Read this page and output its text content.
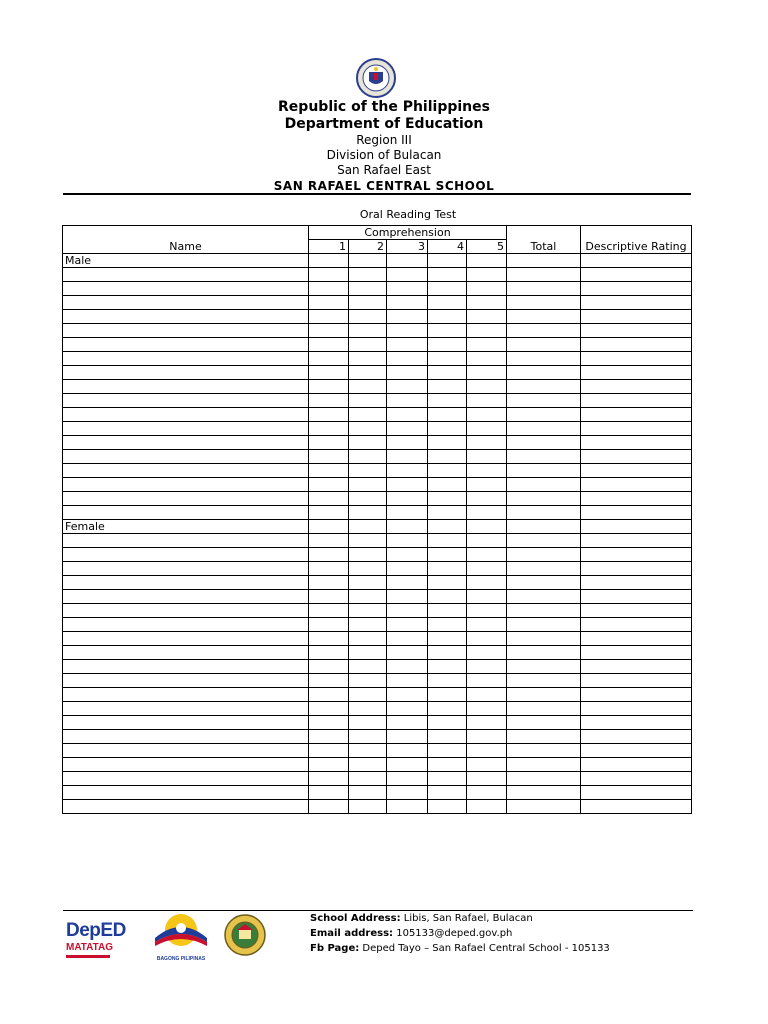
Republic of the Philippines
Department of Education
Region III
Division of Bulacan
San Rafael East
SAN RAFAEL CENTRAL SCHOOL
Oral Reading Test
Name	Comprehension					Total	Descriptive Rating
	1	2	3	4	5		
Male							

Female							

DepED
MATATAG
BAGONG PILIPINAS
School Address: Libis, San Rafael, Bulacan
Email address: 105133@deped.gov.ph
Fb Page: Deped Tayo – San Rafael Central School - 105133
